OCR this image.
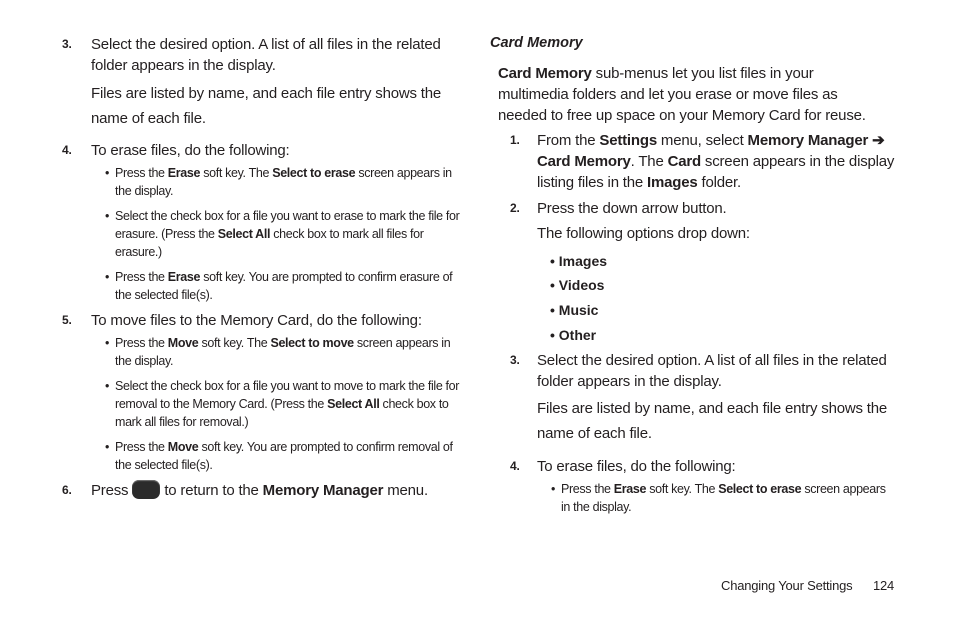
3. Select the desired option. A list of all files in the related folder appears in the display.
Files are listed by name, and each file entry shows the name of each file.
4. To erase files, do the following:
• Press the Erase soft key. The Select to erase screen appears in the display.
• Select the check box for a file you want to erase to mark the file for erasure. (Press the Select All check box to mark all files for erasure.)
• Press the Erase soft key. You are prompted to confirm erasure of the selected file(s).
5. To move files to the Memory Card, do the following:
• Press the Move soft key. The Select to move screen appears in the display.
• Select the check box for a file you want to move to mark the file for removal to the Memory Card. (Press the Select All check box to mark all files for removal.)
• Press the Move soft key. You are prompted to confirm removal of the selected file(s).
6. Press to return to the Memory Manager menu.
Card Memory
Card Memory sub-menus let you list files in your multimedia folders and let you erase or move files as needed to free up space on your Memory Card for reuse.
1. From the Settings menu, select Memory Manager ➔ Card Memory. The Card screen appears in the display listing files in the Images folder.
2. Press the down arrow button.
The following options drop down:
• Images
• Videos
• Music
• Other
3. Select the desired option. A list of all files in the related folder appears in the display.
Files are listed by name, and each file entry shows the name of each file.
4. To erase files, do the following:
• Press the Erase soft key. The Select to erase screen appears in the display.
Changing Your Settings 124
